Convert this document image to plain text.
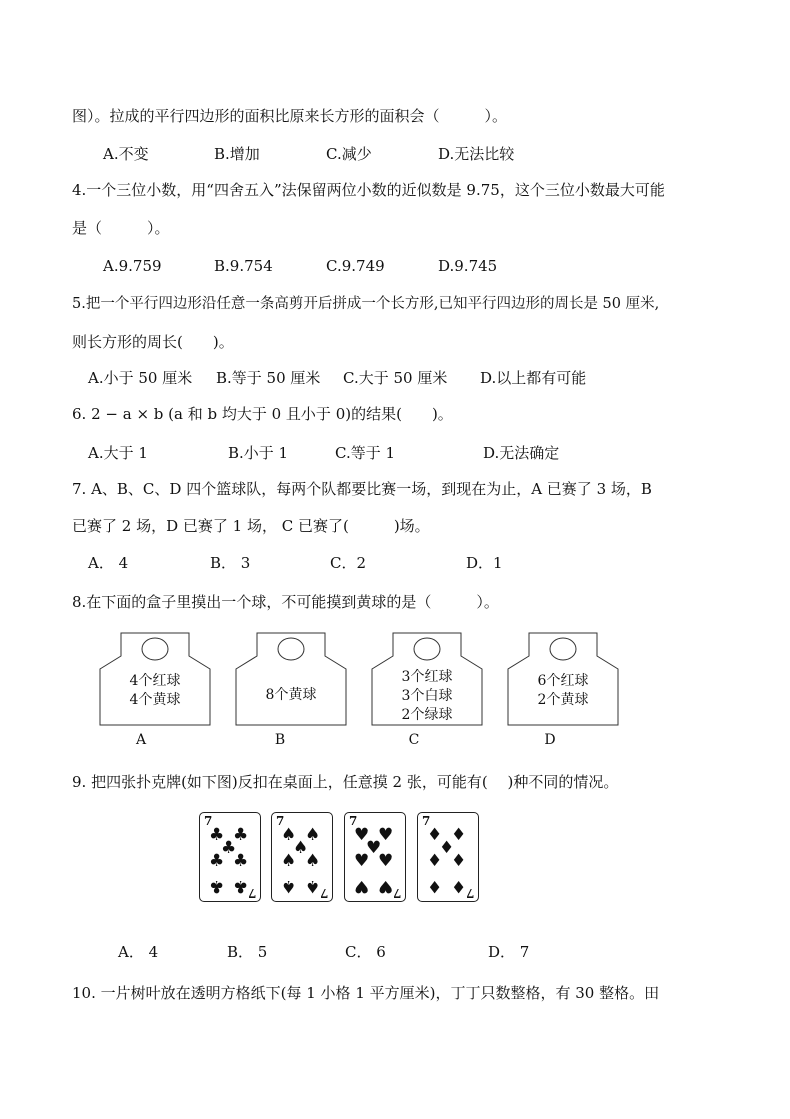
图）。拉成的平行四边形的面积比原来长方形的面积会（　　　）。
A.不变	B.增加	C.减少	D.无法比较
4.一个三位小数，用“四舍五入”法保留两位小数的近似数是 9.75，这个三位小数最大可能
是（　　　）。
A.9.759	B.9.754	C.9.749	D.9.745
5.把一个平行四边形沿任意一条高剪开后拼成一个长方形,已知平行四边形的周长是 50 厘米,
则长方形的周长(　　)。
A.小于 50 厘米 B.等于 50 厘米 C.大于 50 厘米 D.以上都有可能
6. 2 − a × b (a 和 b 均大于 0 且小于 0)的结果(　　)。
A.大于 1	B.小于 1	C.等于 1	D.无法确定
7. A、B、C、D 四个篮球队，每两个队都要比赛一场，到现在为止，A 已赛了 3 场，B
已赛了 2 场，D 已赛了 1 场， C 已赛了(　　　)场。
A． 4	B． 3	C．2	D．1
8.在下面的盒子里摸出一个球，不可能摸到黄球的是（　　　）。
4个红球
4个黄球
A
8个黄球
B
3个红球
3个白球
2个绿球
C
6个红球
2个黄球
D
9. 把四张扑克牌(如下图)反扣在桌面上，任意摸 2 张，可能有(　 )种不同的情况。
7
7
♣ ♣
♣
♣ ♣
♣ ♣
7
7
♠ ♠
♠
♠ ♠
♠ ♠
7
7
♥ ♥
♥
♥ ♥
♥ ♥
7
7
♦ ♦
♦
♦ ♦
♦ ♦
A． 4	B． 5	C． 6	D． 7
10. 一片树叶放在透明方格纸下(每 1 小格 1 平方厘米)，丁丁只数整格，有 30 整格。田
